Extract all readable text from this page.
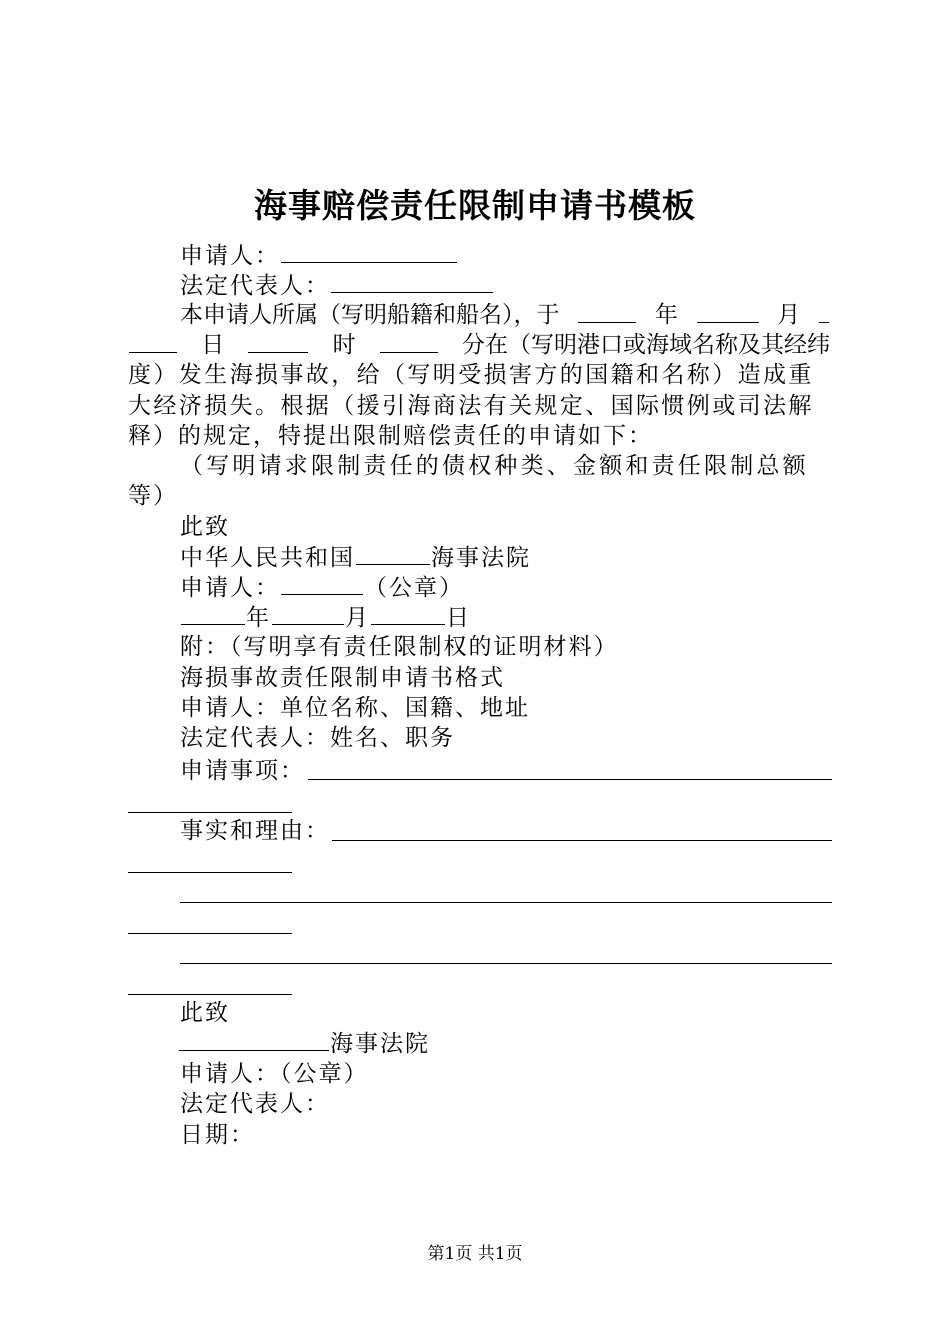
海事赔偿责任限制申请书模板
申请人：
法定代表人：
本申请人所属（写明船籍和船名），于	年	月
日	时	分在（写明港口或海域名称及其经纬
度）发生海损事故，给（写明受损害方的国籍和名称）造成重
大经济损失。根据（援引海商法有关规定、国际惯例或司法解
释）的规定，特提出限制赔偿责任的申请如下：
（写明请求限制责任的债权种类、金额和责任限制总额
等）
此致
中华人民共和国	海事法院
申请人：	（公章）
年	月	日
附：（写明享有责任限制权的证明材料）
海损事故责任限制申请书格式
申请人：单位名称、国籍、地址
法定代表人：姓名、职务
申请事项：
事实和理由：
此致
海事法院
申请人：（公章）
法定代表人：
日期：
第1页 共1页
